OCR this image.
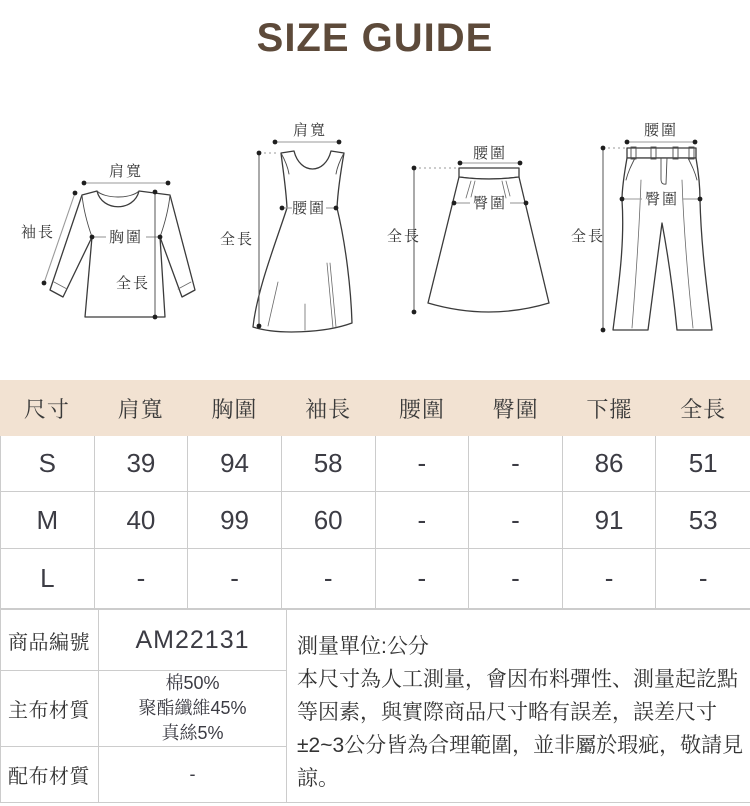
SIZE GUIDE
肩寬
袖長	胸圍
全長
肩寬
腰圍
全長
腰圍
臀圍
全長
腰圍
臀圍
全長
尺寸 肩寬 胸圍 袖長 腰圍 臀圍 下擺 全長
S	39	94	58	-	-	86	51
M	40	99	60	-	-	91	53
L	-	-	-	-	-	-	-
商品編號	AM22131
主布材質
棉50%
聚酯纖維45%
真絲5%
配布材質	-
測量單位:公分
本尺寸為人工測量，會因布料彈性、測量起訖點等因素，與實際商品尺寸略有誤差，誤差尺寸±2~3公分皆為合理範圍，並非屬於瑕疵，敬請見諒。
